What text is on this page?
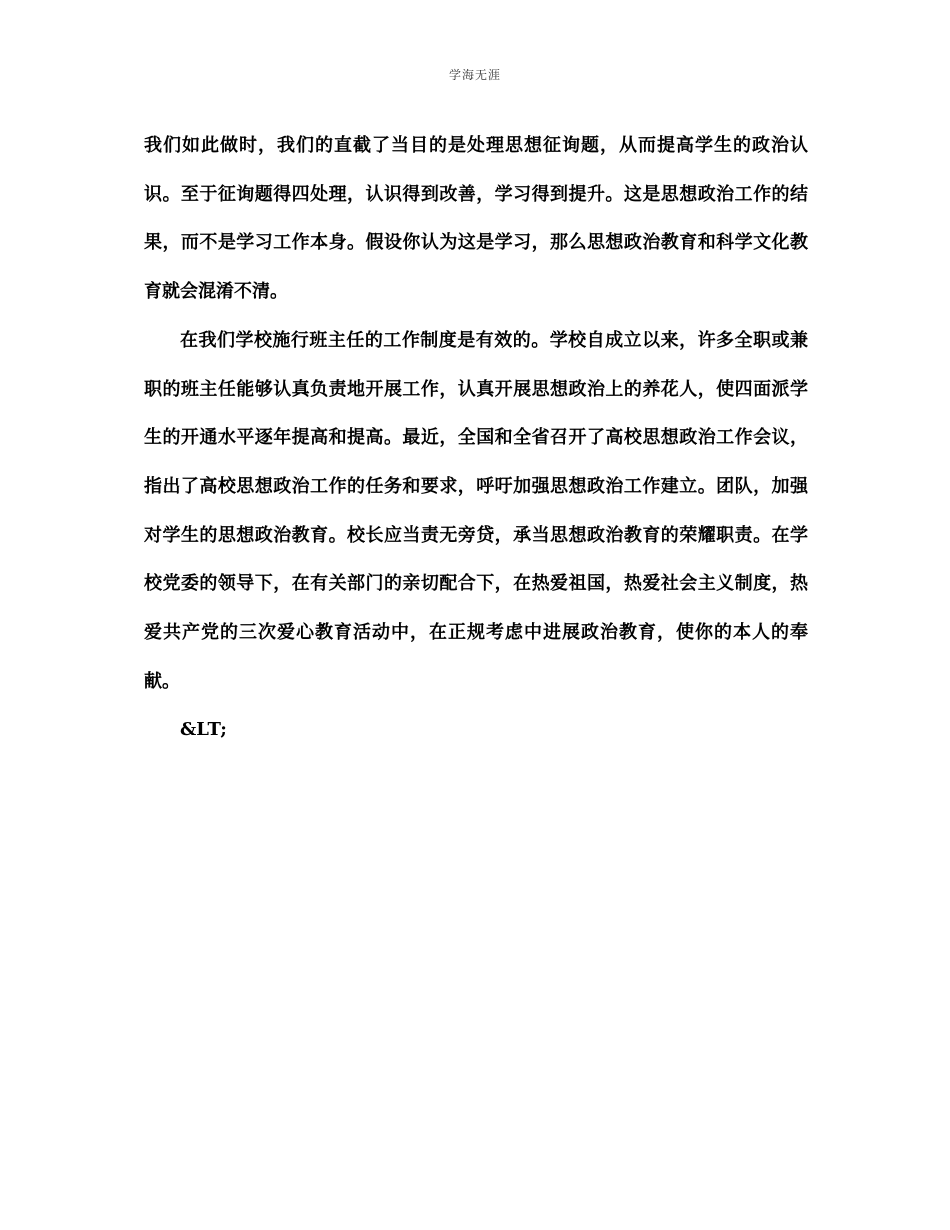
学海无涯

我们如此做时，我们的直截了当目的是处理思想征询题，从而提高学生的政治认识。至于征询题得四处理，认识得到改善，学习得到提升。这是思想政治工作的结果，而不是学习工作本身。假设你认为这是学习，那么思想政治教育和科学文化教育就会混淆不清。

在我们学校施行班主任的工作制度是有效的。学校自成立以来，许多全职或兼职的班主任能够认真负责地开展工作，认真开展思想政治上的养花人，使四面派学生的开通水平逐年提高和提高。最近，全国和全省召开了高校思想政治工作会议，指出了高校思想政治工作的任务和要求，呼吁加强思想政治工作建立。团队，加强对学生的思想政治教育。校长应当责无旁贷，承当思想政治教育的荣耀职责。在学校党委的领导下，在有关部门的亲切配合下，在热爱祖国，热爱社会主义制度，热爱共产党的三次爱心教育活动中，在正规考虑中进展政治教育，使你的本人的奉献。

&LT;
